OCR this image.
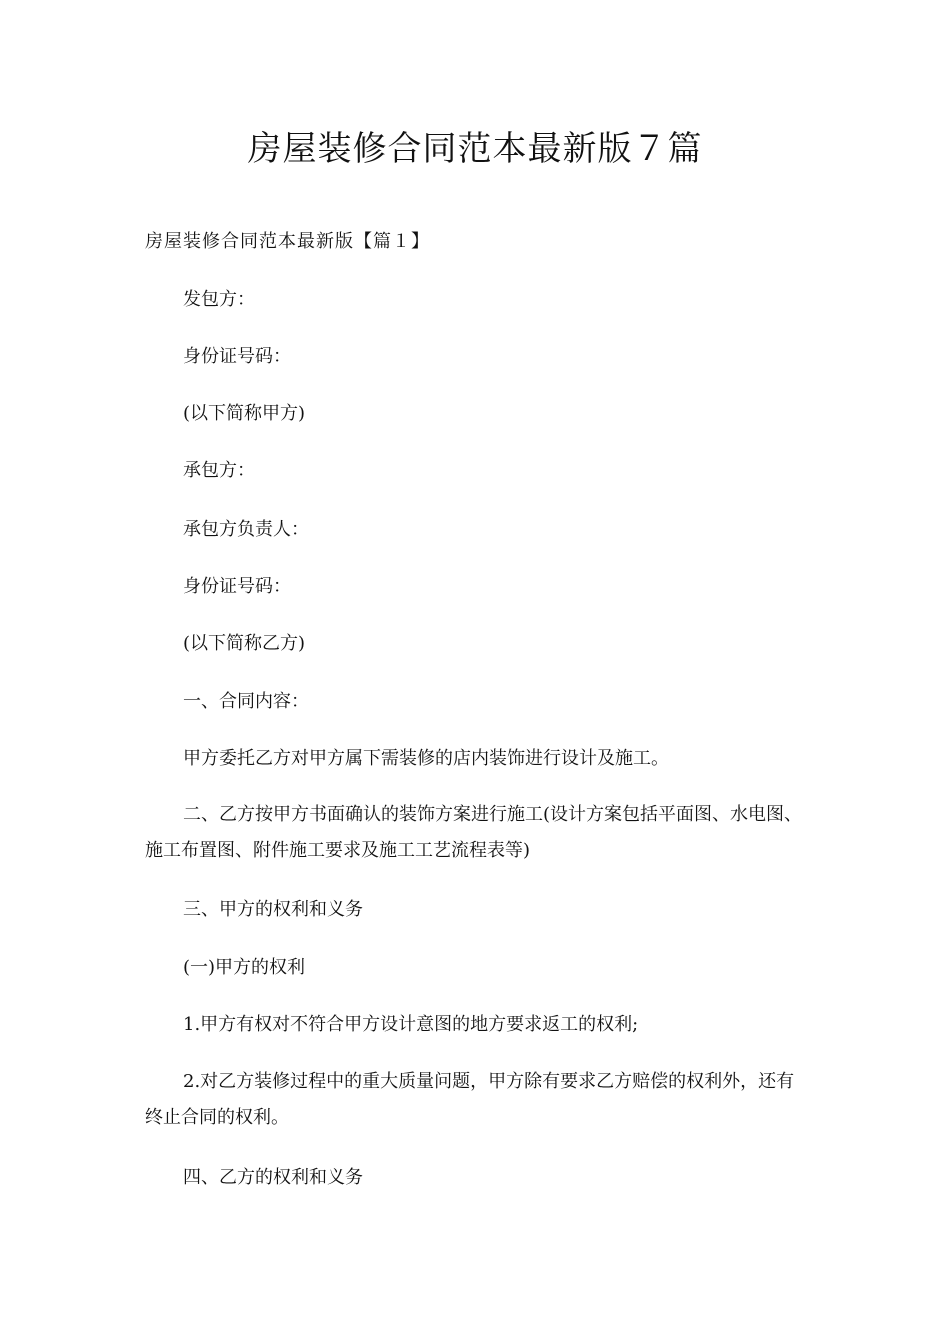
房屋装修合同范本最新版７篇
房屋装修合同范本最新版【篇１】

发包方：

身份证号码：

(以下简称甲方)

承包方：

承包方负责人：

身份证号码：

(以下简称乙方)

一、合同内容：

甲方委托乙方对甲方属下需装修的店内装饰进行设计及施工。

二、乙方按甲方书面确认的装饰方案进行施工(设计方案包括平面图、水电图、施工布置图、附件施工要求及施工工艺流程表等)

三、甲方的权利和义务

(一)甲方的权利

1.甲方有权对不符合甲方设计意图的地方要求返工的权利;

2.对乙方装修过程中的重大质量问题，甲方除有要求乙方赔偿的权利外，还有终止合同的权利。

四、乙方的权利和义务
